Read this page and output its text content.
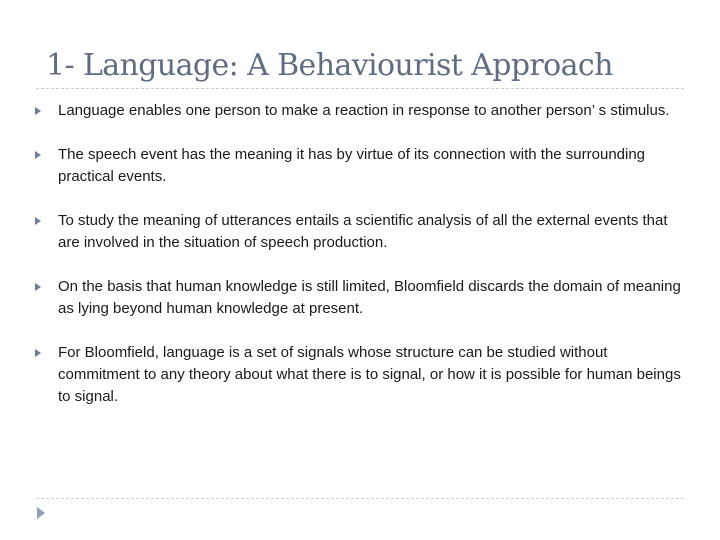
1- Language: A Behaviourist Approach
Language enables one person to make a reaction in response to another person’ s stimulus.
The speech event has the meaning it has by virtue of its connection with the surrounding practical events.
To study the meaning of utterances entails a scientific analysis of all the external events that are involved in the situation of speech production.
On the basis that human knowledge is still limited, Bloomfield discards the domain of meaning as lying beyond human knowledge at present.
For Bloomfield, language is a set of signals whose structure can be studied without commitment to any theory about what there is to signal, or how it is possible for human beings to signal.
